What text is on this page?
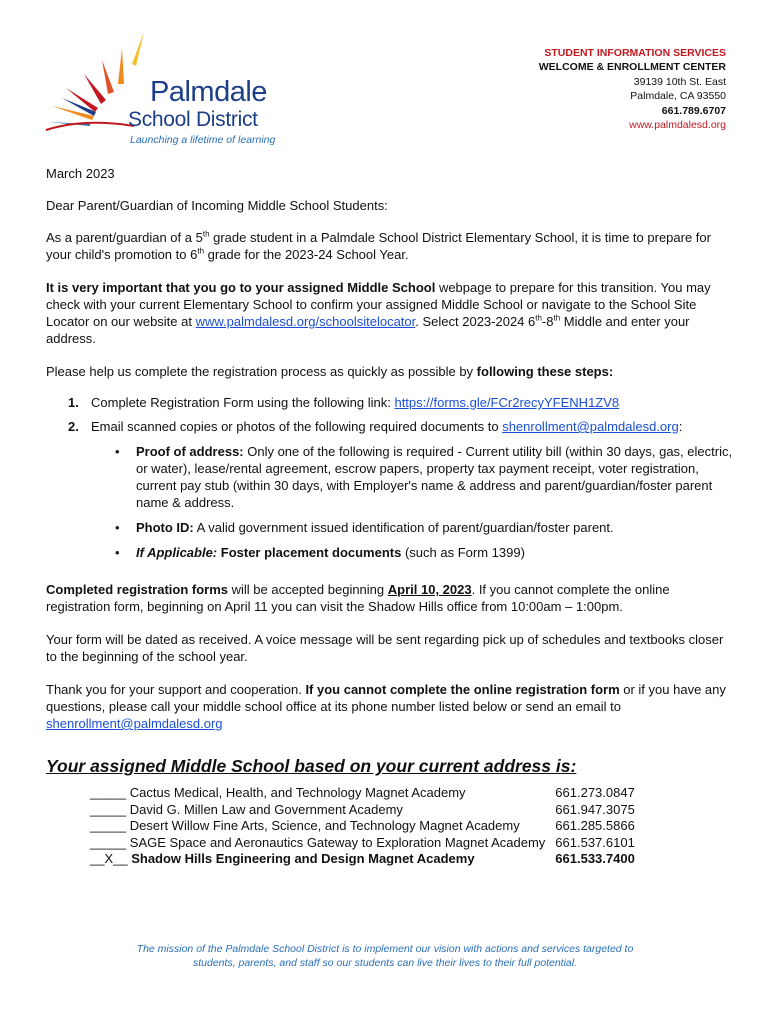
Palmdale
School District
Launching a lifetime of learning
STUDENT INFORMATION SERVICES
WELCOME & ENROLLMENT CENTER
39139 10th St. East
Palmdale, CA 93550
661.789.6707
www.palmdalesd.org

March 2023

Dear Parent/Guardian of Incoming Middle School Students:

As a parent/guardian of a 5th grade student in a Palmdale School District Elementary School, it is time to prepare for your child's promotion to 6th grade for the 2023-24 School Year.

It is very important that you go to your assigned Middle School webpage to prepare for this transition. You may check with your current Elementary School to confirm your assigned Middle School or navigate to the School Site Locator on our website at www.palmdalesd.org/schoolsitelocator. Select 2023-2024 6th-8th Middle and enter your address.

Please help us complete the registration process as quickly as possible by following these steps:

1. Complete Registration Form using the following link: https://forms.gle/FCr2recyYFENH1ZV8
2. Email scanned copies or photos of the following required documents to shenrollment@palmdalesd.org:
• Proof of address: Only one of the following is required - Current utility bill (within 30 days, gas, electric, or water), lease/rental agreement, escrow papers, property tax payment receipt, voter registration, current pay stub (within 30 days, with Employer's name & address and parent/guardian/foster parent name & address.
• Photo ID: A valid government issued identification of parent/guardian/foster parent.
• If Applicable: Foster placement documents (such as Form 1399)

Completed registration forms will be accepted beginning April 10, 2023. If you cannot complete the online registration form, beginning on April 11 you can visit the Shadow Hills office from 10:00am – 1:00pm.

Your form will be dated as received. A voice message will be sent regarding pick up of schedules and textbooks closer to the beginning of the school year.

Thank you for your support and cooperation. If you cannot complete the online registration form or if you have any questions, please call your middle school office at its phone number listed below or send an email to shenrollment@palmdalesd.org

Your assigned Middle School based on your current address is:

_____ Cactus Medical, Health, and Technology Magnet Academy	661.273.0847
_____ David G. Millen Law and Government Academy	661.947.3075
_____ Desert Willow Fine Arts, Science, and Technology Magnet Academy	661.285.5866
_____ SAGE Space and Aeronautics Gateway to Exploration Magnet Academy	661.537.6101
__X__ Shadow Hills Engineering and Design Magnet Academy	661.533.7400
The mission of the Palmdale School District is to implement our vision with actions and services targeted to students, parents, and staff so our students can live their lives to their full potential.
